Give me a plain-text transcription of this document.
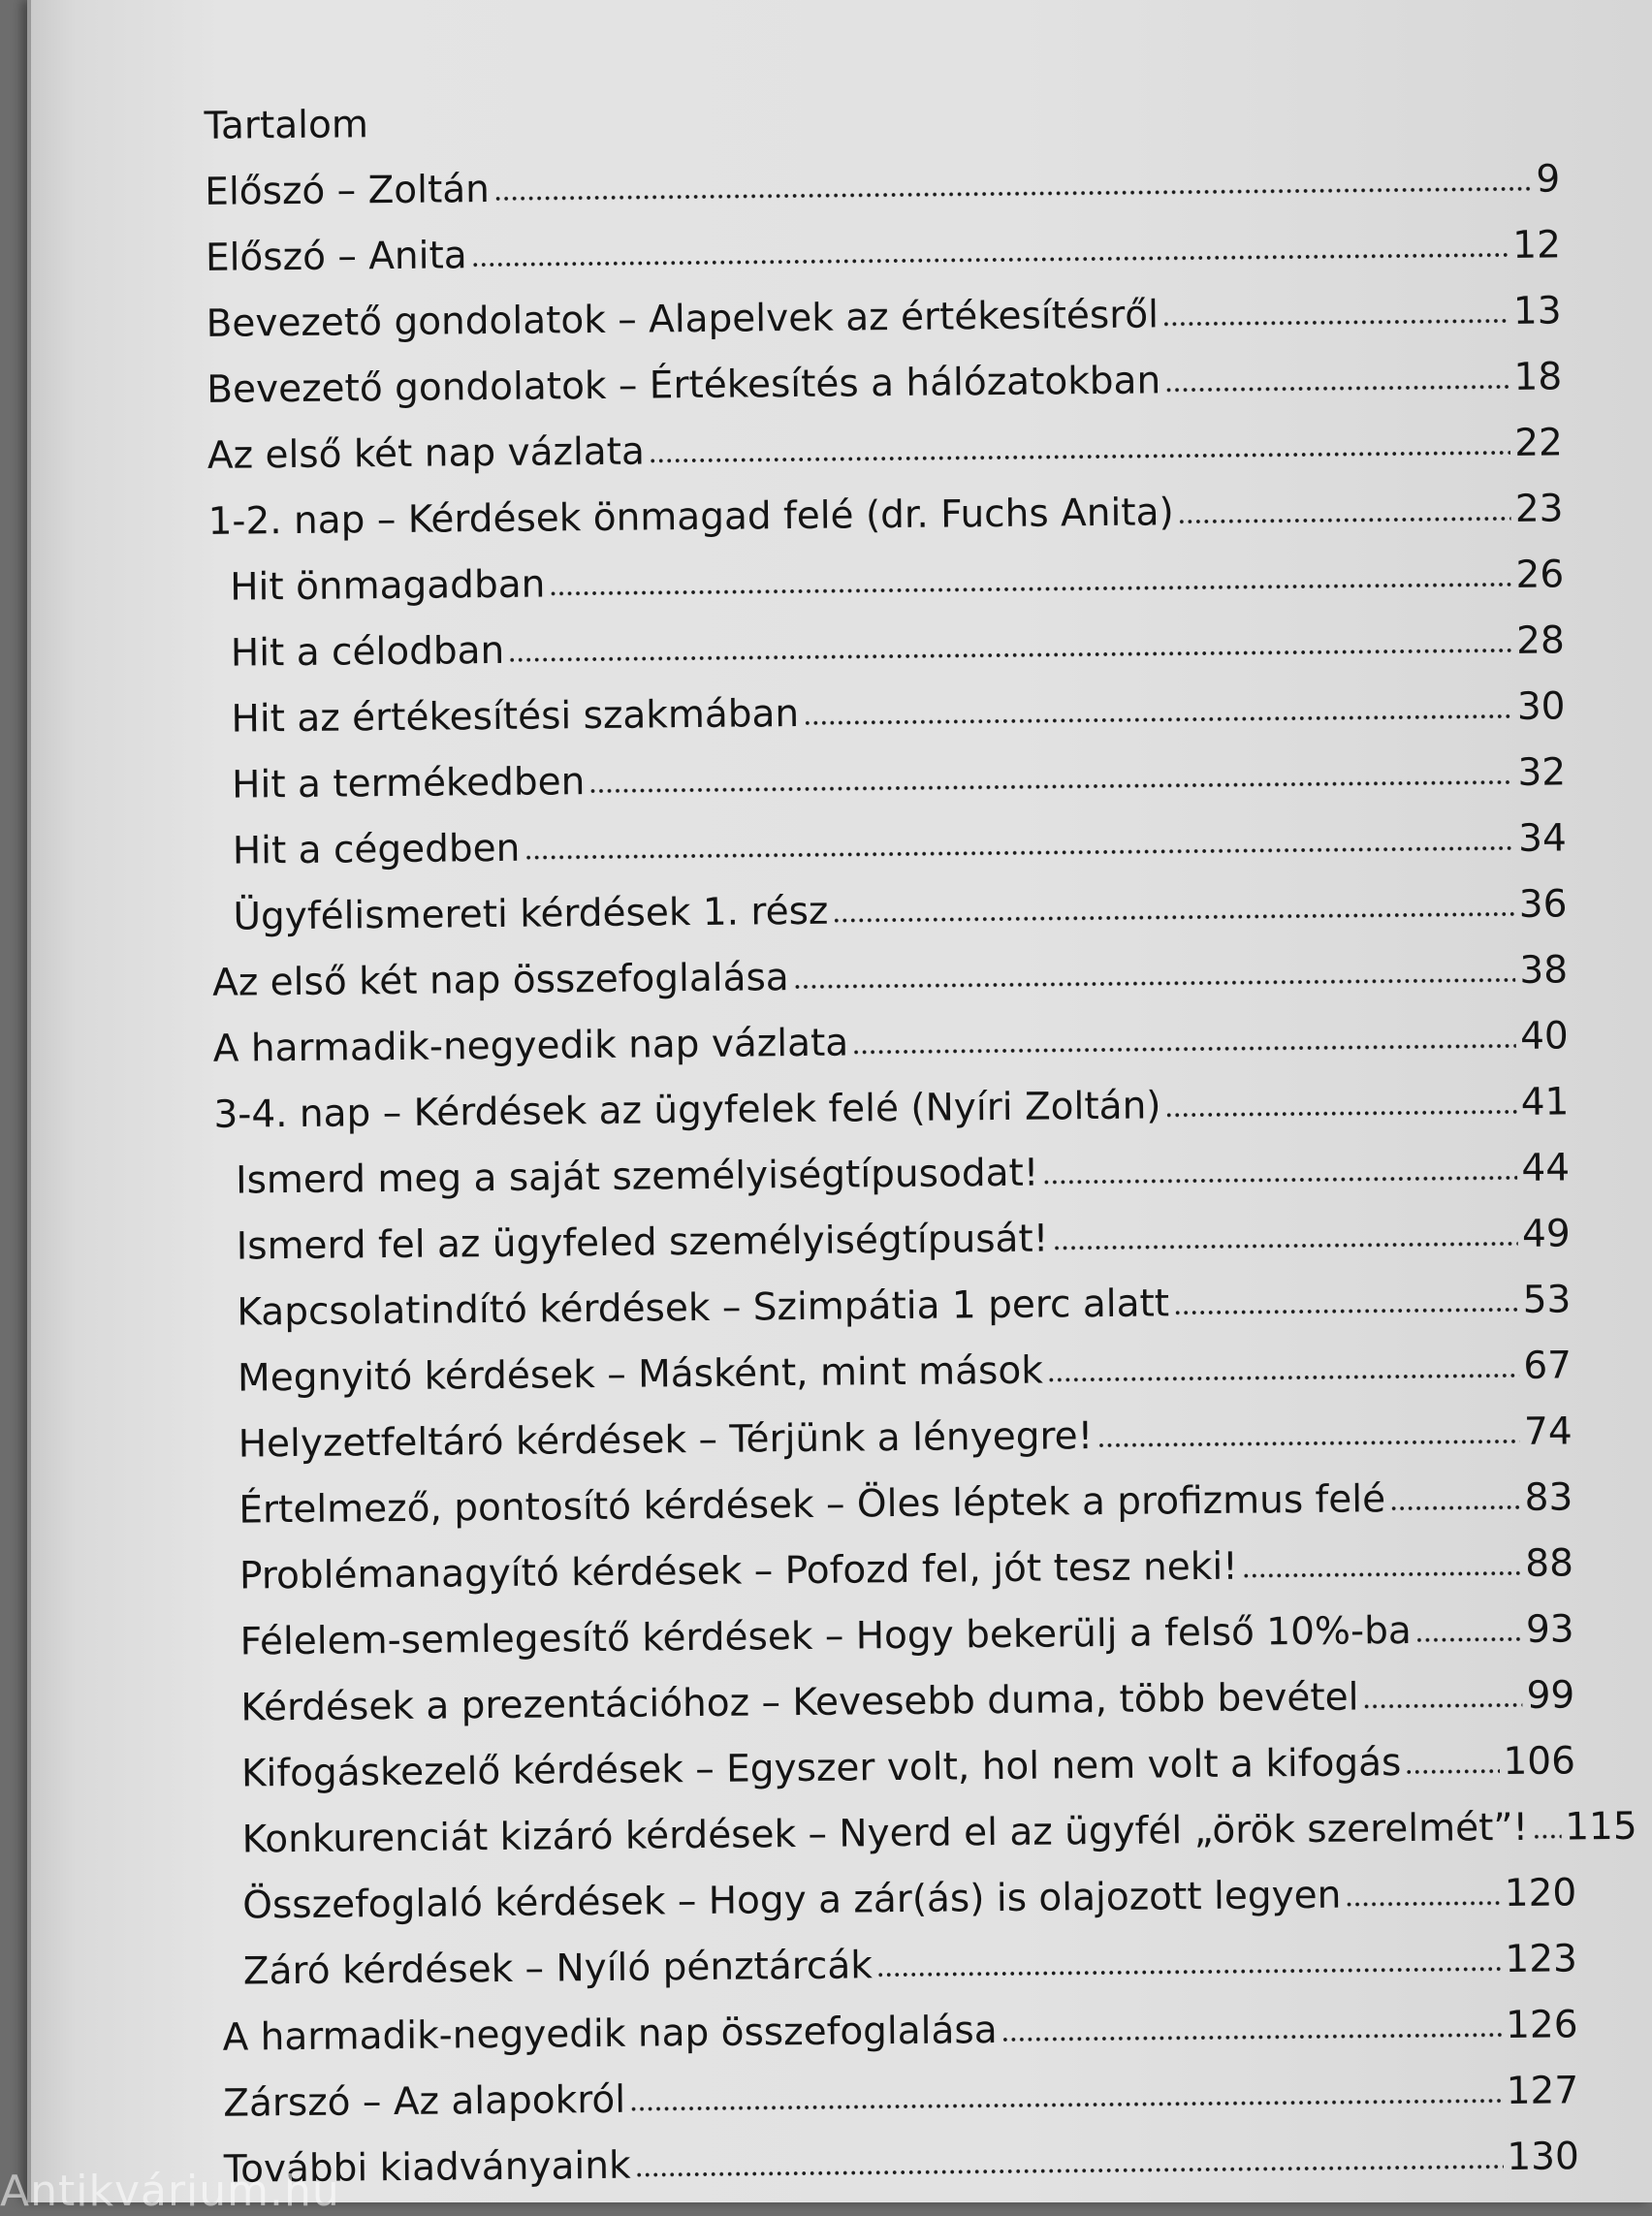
Tartalom
Előszó – Zoltán	9
Előszó – Anita	12
Bevezető gondolatok – Alapelvek az értékesítésről	13
Bevezető gondolatok – Értékesítés a hálózatokban	18
Az első két nap vázlata	22
1-2. nap – Kérdések önmagad felé (dr. Fuchs Anita)	23
Hit önmagadban	26
Hit a célodban	28
Hit az értékesítési szakmában	30
Hit a termékedben	32
Hit a cégedben	34
Ügyfélismereti kérdések 1. rész	36
Az első két nap összefoglalása	38
A harmadik-negyedik nap vázlata	40
3-4. nap – Kérdések az ügyfelek felé (Nyíri Zoltán)	41
Ismerd meg a saját személyiségtípusodat!	44
Ismerd fel az ügyfeled személyiségtípusát!	49
Kapcsolatindító kérdések – Szimpátia 1 perc alatt	53
Megnyitó kérdések – Másként, mint mások	67
Helyzetfeltáró kérdések – Térjünk a lényegre!	74
Értelmező, pontosító kérdések – Öles léptek a profizmus felé	83
Problémanagyító kérdések – Pofozd fel, jót tesz neki!	88
Félelem-semlegesítő kérdések – Hogy bekerülj a felső 10%-ba	93
Kérdések a prezentációhoz – Kevesebb duma, több bevétel	99
Kifogáskezelő kérdések – Egyszer volt, hol nem volt a kifogás	106
Konkurenciát kizáró kérdések – Nyerd el az ügyfél „örök szerelmét”! 115
Összefoglaló kérdések – Hogy a zár(ás) is olajozott legyen	120
Záró kérdések – Nyíló pénztárcák	123
A harmadik-negyedik nap összefoglalása	126
Zárszó – Az alapokról	127
További kiadványaink	130
Antikvárium.hu
